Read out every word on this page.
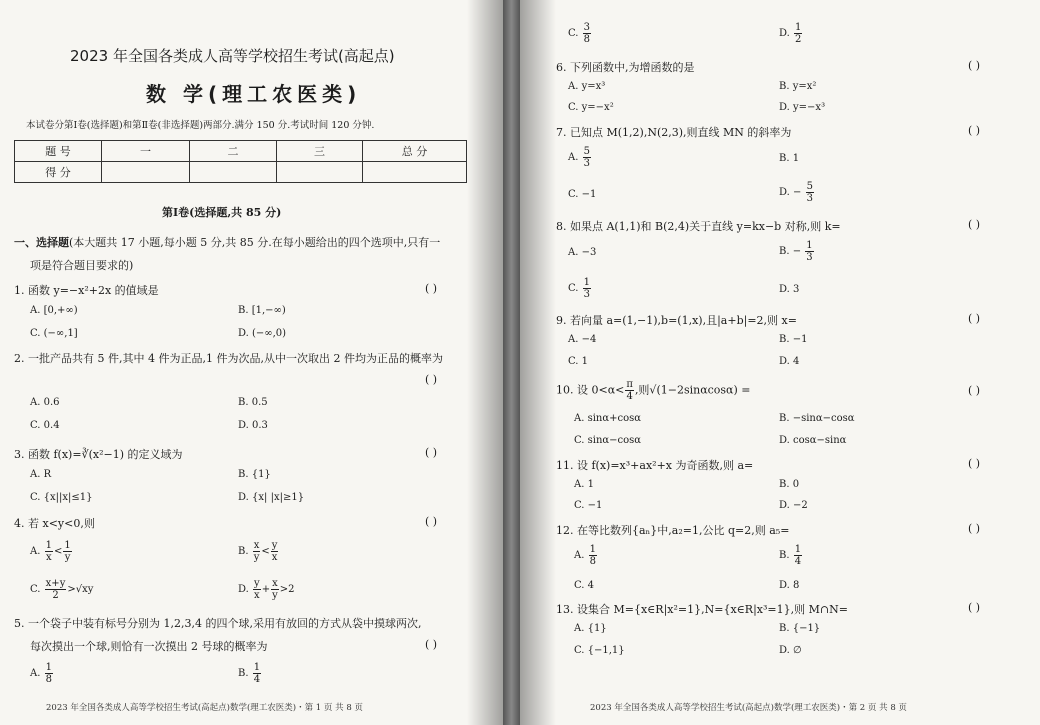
2023 年全国各类成人高等学校招生考试(高起点)
数 学(理工农医类)
本试卷分第Ⅰ卷(选择题)和第Ⅱ卷(非选择题)两部分.满分 150 分.考试时间 120 分钟.
题 号	一	二	三	总 分
得 分				
第Ⅰ卷(选择题,共 85 分)
一、选择题(本大题共 17 小题,每小题 5 分,共 85 分.在每小题给出的四个选项中,只有一
项是符合题目要求的)
1. 函数 y=−x²+2x 的值域是	( )
A. [0,+∞)	B. [1,−∞)
C. (−∞,1]	D. (−∞,0)
2. 一批产品共有 5 件,其中 4 件为正品,1 件为次品,从中一次取出 2 件均为正品的概率为
( )
A. 0.6	B. 0.5
C. 0.4	D. 0.3
3. 函数 f(x)=∛(x²−1) 的定义域为	( )
A. R	B. {1}
C. {x||x|≤1}	D. {x| |x|≥1}
4. 若 x<y<0,则	( )
A. $\frac{1}{x} < \frac{1}{y}$	B. $\frac{x}{y} < \frac{y}{x}$
C. $\frac{x+y}{2} >√xy$	D. $\frac{y}{x} + \frac{x}{y} >2$
5. 一个袋子中装有标号分别为 1,2,3,4 的四个球,采用有放回的方式从袋中摸球两次,
每次摸出一个球,则恰有一次摸出 2 号球的概率为	( )
A. $\frac{1}{8}$	B. $\frac{1}{4}$
2023 年全国各类成人高等学校招生考试(高起点)数学(理工农医类)・第 1 页 共 8 页
C. $\frac{3}{8}$	D. $\frac{1}{2}$
6. 下列函数中,为增函数的是	( )
A. y=x³	B. y=x²
C. y=−x²	D. y=−x³
7. 已知点 M(1,2),N(2,3),则直线 MN 的斜率为	( )
A. $\frac{5}{3}$	B. 1
C. −1	D. − $\frac{5}{3}$
8. 如果点 A(1,1)和 B(2,4)关于直线 y=kx−b 对称,则 k=	( )
A. −3	B. − $\frac{1}{3}$
C. $\frac{1}{3}$	D. 3
9. 若向量 a=(1,−1),b=(1,x),且|a+b|=2,则 x=	( )
A. −4	B. −1
C. 1	D. 4
10. 设 $0<\alpha< \frac{\pi}{4}$ ,则√(1−2sinαcosα) =	( )
A. sinα+cosα	B. −sinα−cosα
C. sinα−cosα	D. cosα−sinα
11. 设 f(x)=x³+ax²+x 为奇函数,则 a=	( )
A. 1	B. 0
C. −1	D. −2
12. 在等比数列{aₙ}中,a₂=1,公比 q=2,则 a₅=	( )
A. $\frac{1}{8}$	B. $\frac{1}{4}$
C. 4	D. 8
13. 设集合 M={x∈R|x²=1},N={x∈R|x³=1},则 M∩N=	( )
A. {1}	B. {−1}
C. {−1,1}	D. ∅
2023 年全国各类成人高等学校招生考试(高起点)数学(理工农医类)・第 2 页 共 8 页
